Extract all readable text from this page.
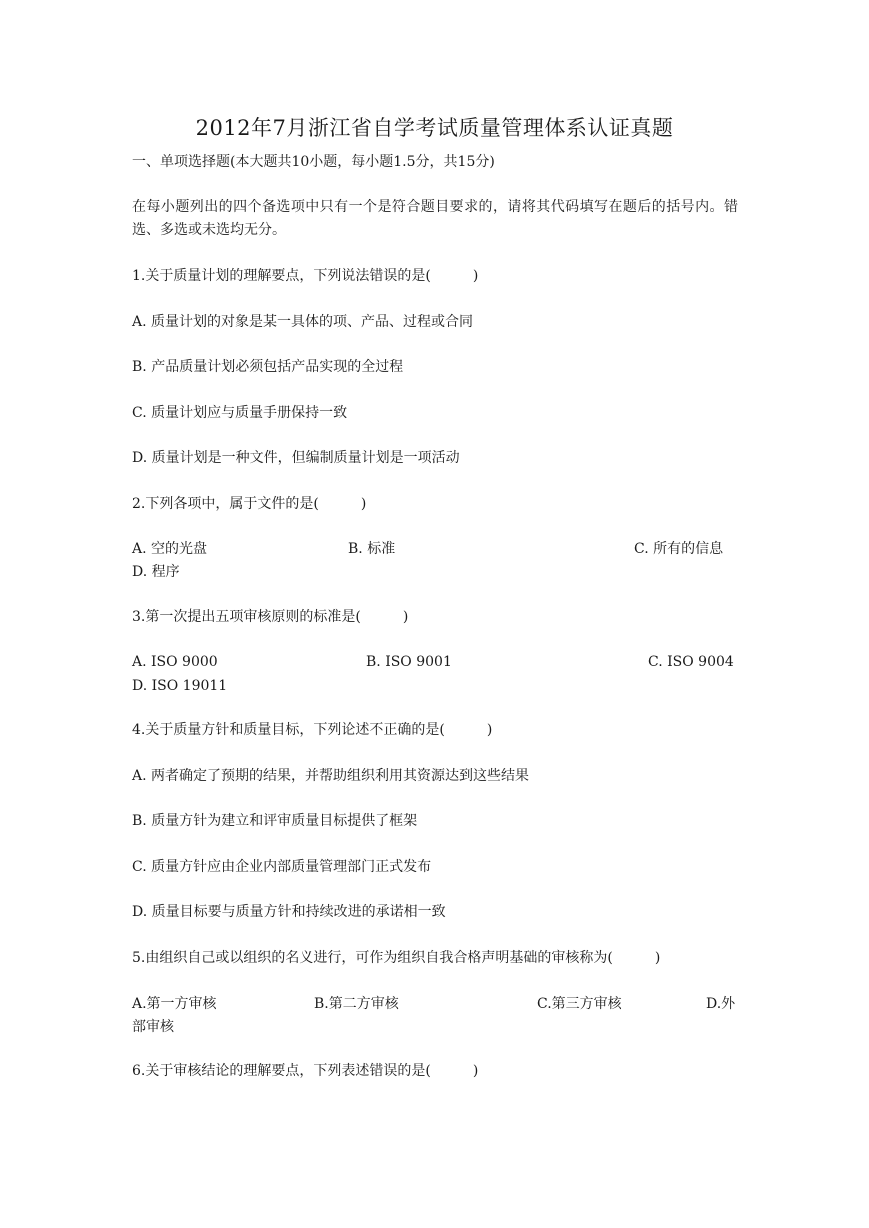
2012年7月浙江省自学考试质量管理体系认证真题
一、单项选择题(本大题共10小题，每小题1.5分，共15分)
在每小题列出的四个备选项中只有一个是符合题目要求的，请将其代码填写在题后的括号内。错选、多选或未选均无分。
1.关于质量计划的理解要点，下列说法错误的是(　　　)
A. 质量计划的对象是某一具体的项、产品、过程或合同
B. 产品质量计划必须包括产品实现的全过程
C. 质量计划应与质量手册保持一致
D. 质量计划是一种文件，但编制质量计划是一项活动
2.下列各项中，属于文件的是(　　　)
A. 空的光盘	B. 标准	C. 所有的信息
D. 程序
3.第一次提出五项审核原则的标准是(　　　)
A. ISO 9000	B. ISO 9001	C. ISO 9004
D. ISO 19011
4.关于质量方针和质量目标，下列论述不正确的是(　　　)
A. 两者确定了预期的结果，并帮助组织利用其资源达到这些结果
B. 质量方针为建立和评审质量目标提供了框架
C. 质量方针应由企业内部质量管理部门正式发布
D. 质量目标要与质量方针和持续改进的承诺相一致
5.由组织自己或以组织的名义进行，可作为组织自我合格声明基础的审核称为(　　　)
A.第一方审核	B.第二方审核	C.第三方审核	D.外
部审核
6.关于审核结论的理解要点，下列表述错误的是(　　　)
